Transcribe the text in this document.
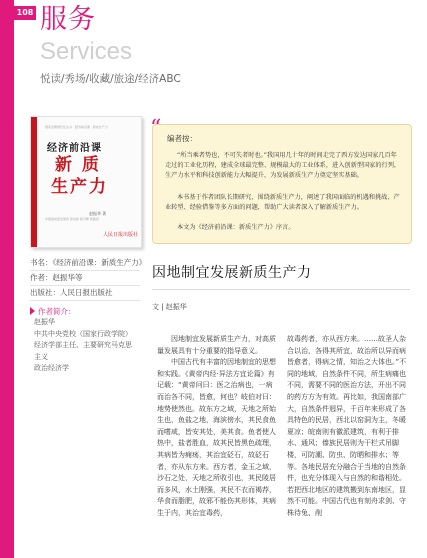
108 服务
Services
悦读/秀场/收藏/旅途/经济ABC
国家治理现代化丛书 · 经济前沿课 · 新质生产力
经济前沿课
新 质
生产力
赵振华 著
中国高质量发展的 新动能 新引擎 新路径
人民日报出版社
书名：《经济前沿课：新质生产力》
作者：赵振华等
出版社：人民日报出版社
作者简介：
赵振华
中共中央党校（国家行政学院）
经济学部主任、主要研究马克思主义
政治经济学
“ 编者按：

“所当乘者势也，不可失者时也。”我国用几十年的时间走完了西方发达国家几百年走过的工业化历程，建成全球最完整、规模最大的工业体系，进入创新型国家的行列，生产力水平和科技创新能力大幅提升，为发展新质生产力奠定坚实基础。

本书基于作者团队长期研究，围绕新质生产力，阐述了我国面临的机遇和挑战、产业转型、经验借鉴等多方面的问题，帮助广大读者深入了解新质生产力。

本文为《经济前沿课：新质生产力》序言。

因地制宜发展新质生产力
文 | 赵振华

因地制宜发展新质生产力，对高质量发展具有十分重要的指导意义。

中国古代有丰富的因地制宜的思想和实践。《黄帝内经·异法方宜论篇》有记载：“黄帝问曰：医之治病也，一病而治各不同，皆愈，何也？岐伯对曰：地势使然也。故东方之域，天地之所始生也，鱼盐之地，海滨傍水，其民食鱼而嗜咸，皆安其处，美其食。鱼者使人热中，盐者胜血，故其民皆黑色疏理，其病皆为痈疡，其治宜砭石，故砭石者，亦从东方来。西方者，金玉之域，沙石之处，天地之所收引也，其民陵居而多风，水土刚强，其民不衣而褐荐，华食而脂肥，故邪不能伤其形体，其病生于内，其治宜毒药，

故毒药者，亦从西方来。……故圣人杂合以治，各得其所宜，故治所以异而病皆愈者，得病之情，知治之大体也。”不同的地域，自然条件不同，所生病痛也不同，需要不同的医治方法，开出不同的药方方为有效。再比如，我国南部广大，自然条件迥异，千百年来形成了各具特色的民居，西北以窑洞为主，冬暖夏凉；皖南则有徽派建筑，有利于排水、通风；傣族民居则为干栏式吊脚楼，可防潮、防虫、防晒和排水；等等。各地民居充分融合于当地的自然条件，也充分体现入与自然的和谐相处。若把西北地区的建筑搬到东南地区，显然不可能。中国古代也有刻舟求剑、守株待兔、削
